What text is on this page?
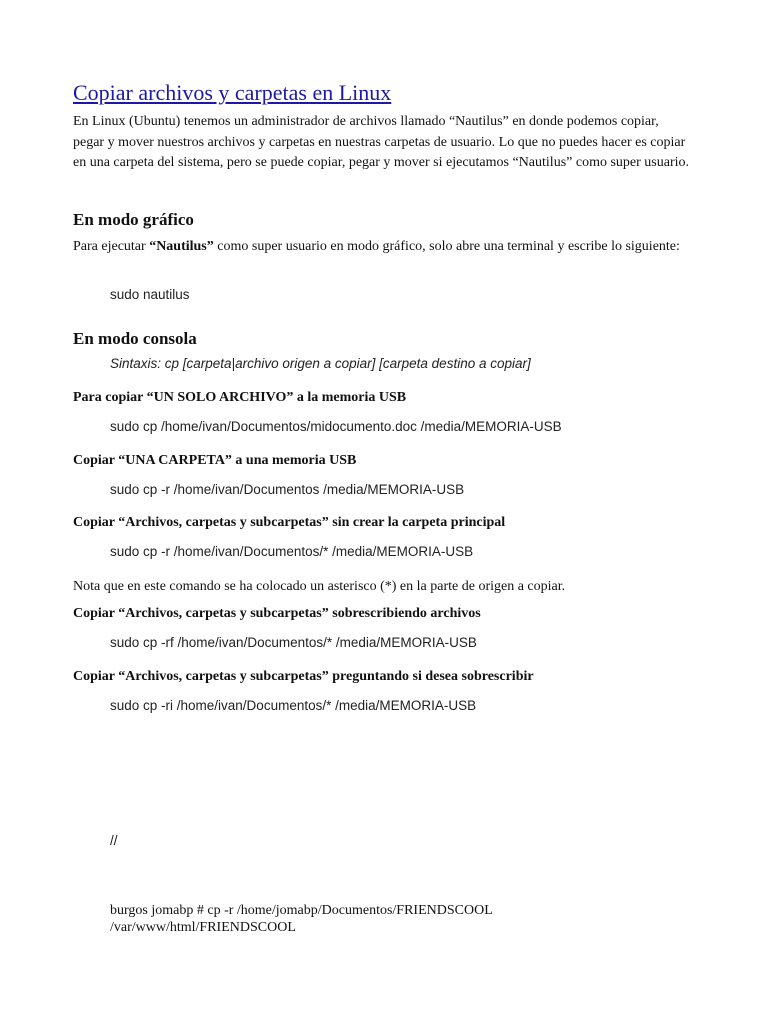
Copiar archivos y carpetas en Linux

En Linux (Ubuntu) tenemos un administrador de archivos llamado “Nautilus” en donde podemos copiar, pegar y mover nuestros archivos y carpetas en nuestras carpetas de usuario. Lo que no puedes hacer es copiar en una carpeta del sistema, pero se puede copiar, pegar y mover si ejecutamos “Nautilus” como super usuario.

En modo gráfico

Para ejecutar “Nautilus” como super usuario en modo gráfico, solo abre una terminal y escribe lo siguiente:

sudo nautilus

En modo consola

Sintaxis: cp [carpeta|archivo origen a copiar] [carpeta destino a copiar]

Para copiar “UN SOLO ARCHIVO” a la memoria USB

sudo cp /home/ivan/Documentos/midocumento.doc /media/MEMORIA-USB

Copiar “UNA CARPETA” a una memoria USB

sudo cp -r /home/ivan/Documentos /media/MEMORIA-USB

Copiar “Archivos, carpetas y subcarpetas” sin crear la carpeta principal

sudo cp -r /home/ivan/Documentos/* /media/MEMORIA-USB

Nota que en este comando se ha colocado un asterisco (*) en la parte de origen a copiar.

Copiar “Archivos, carpetas y subcarpetas” sobrescribiendo archivos

sudo cp -rf /home/ivan/Documentos/* /media/MEMORIA-USB

Copiar “Archivos, carpetas y subcarpetas” preguntando si desea sobrescribir

sudo cp -ri /home/ivan/Documentos/* /media/MEMORIA-USB

//

burgos jomabp # cp -r /home/jomabp/Documentos/FRIENDSCOOL
/var/www/html/FRIENDSCOOL
